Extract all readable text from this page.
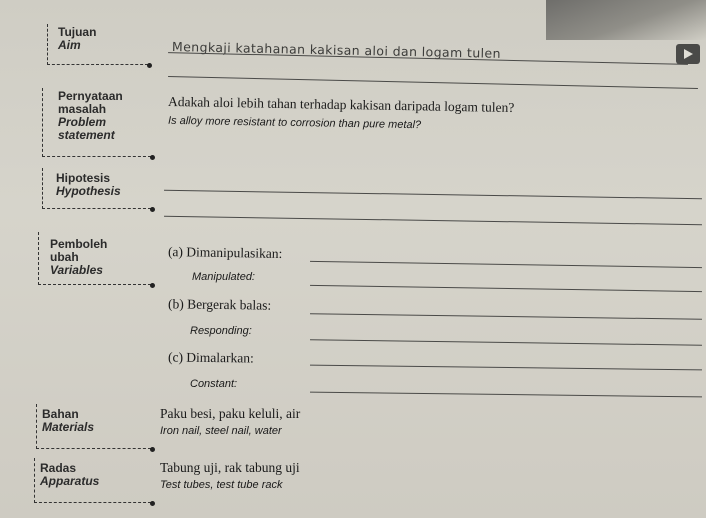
Tujuan
Aim	Mengkaji katahanan kakisan aloi dan logam tulen
Pernyataan
masalah
Problem
statement
Adakah aloi lebih tahan terhadap kakisan daripada logam tulen?
Is alloy more resistant to corrosion than pure metal?
Hipotesis
Hypothesis
Pemboleh
ubah
Variables
(a) Dimanipulasikan:
Manipulated:
(b) Bergerak balas:
Responding:
(c) Dimalarkan:
Constant:
Bahan
Materials
Paku besi, paku keluli, air
Iron nail, steel nail, water
Radas
Apparatus
Tabung uji, rak tabung uji
Test tubes, test tube rack
